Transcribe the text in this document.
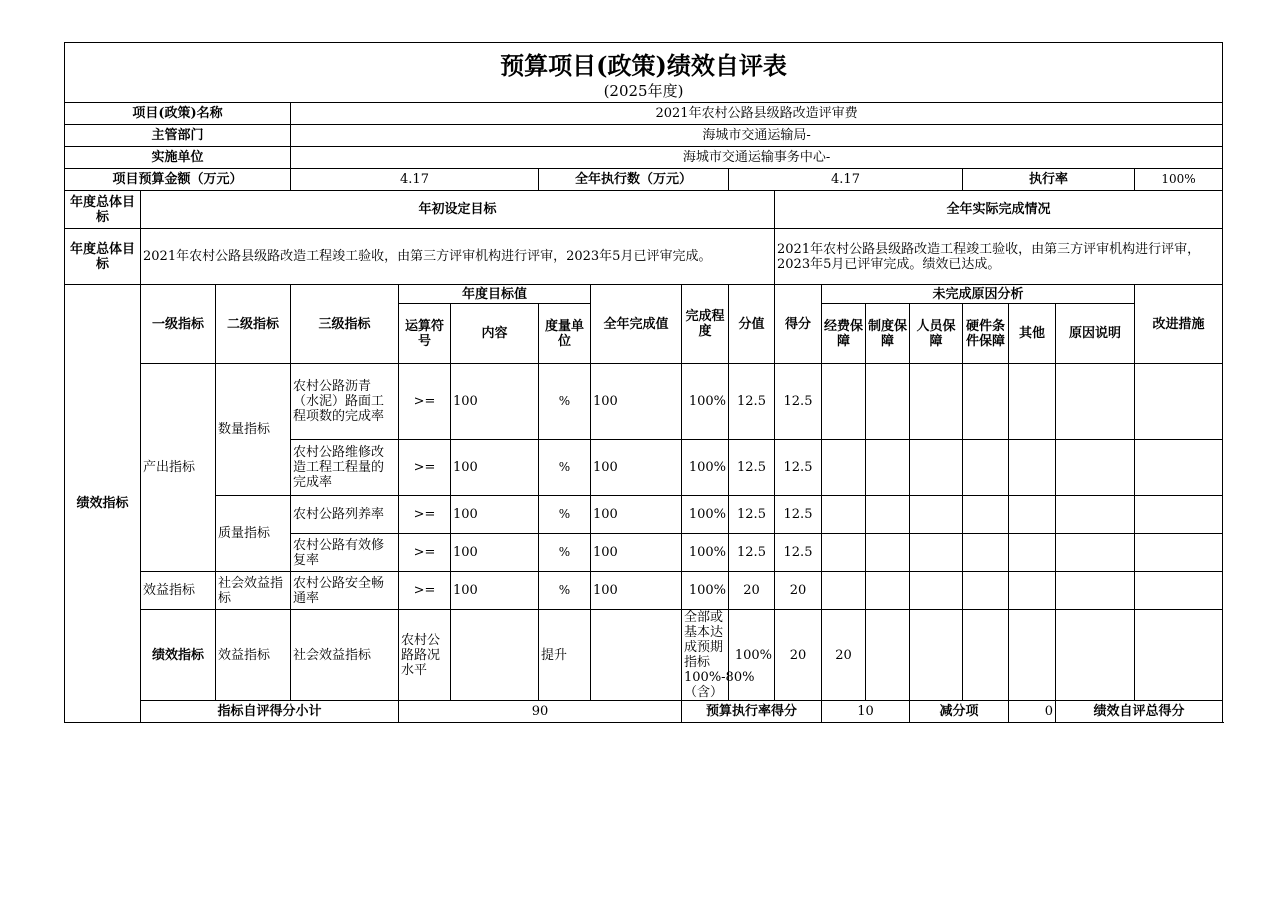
预算项目(政策)绩效自评表
(2025年度)																		

项目(政策)名称			2021年农村公路县级路改造评审费															
主管部门			海城市交通运输局-															
实施单位			海城市交通运输事务中心-															
项目预算金额（万元）			4.17			全年执行数（万元）			4.17					执行率			100%	
年度总体目标	年初设定目标									全年实际完成情况								
年度总体目标	2021年农村公路县级路改造工程竣工验收，由第三方评审机构进行评审，2023年5月已评审完成。									2021年农村公路县级路改造工程竣工验收，由第三方评审机构进行评审，2023年5月已评审完成。绩效已达成。								
绩效指标	一级指标	二级指标	三级指标	年度目标值			全年完成值	完成程度	分值	得分	未完成原因分析						改进措施	
				运算符号	内容	度量单位					经费保障	制度保障	人员保障	硬件条件保障	其他	原因说明		
	产出指标	数量指标	农村公路沥青（水泥）路面工程项数的完成率	>=	100	%	100	100%	12.5	12.5								
			农村公路维修改造工程工程量的完成率	>=	100	%	100	100%	12.5	12.5								
		质量指标	农村公路列养率	>=	100	%	100	100%	12.5	12.5								
			农村公路有效修复率	>=	100	%	100	100%	12.5	12.5								
	效益指标	社会效益指标	农村公路安全畅通率	>=	100	%	100	100%	20	20								
	绩效指标	效益指标	社会效益指标	农村公路路况水平		提升		全部或基本达成预期指标100%-80%（含）	100%	20	20							
	指标自评得分小计			90				预算执行率得分			10		减分项		0	绩效自评总得分	
